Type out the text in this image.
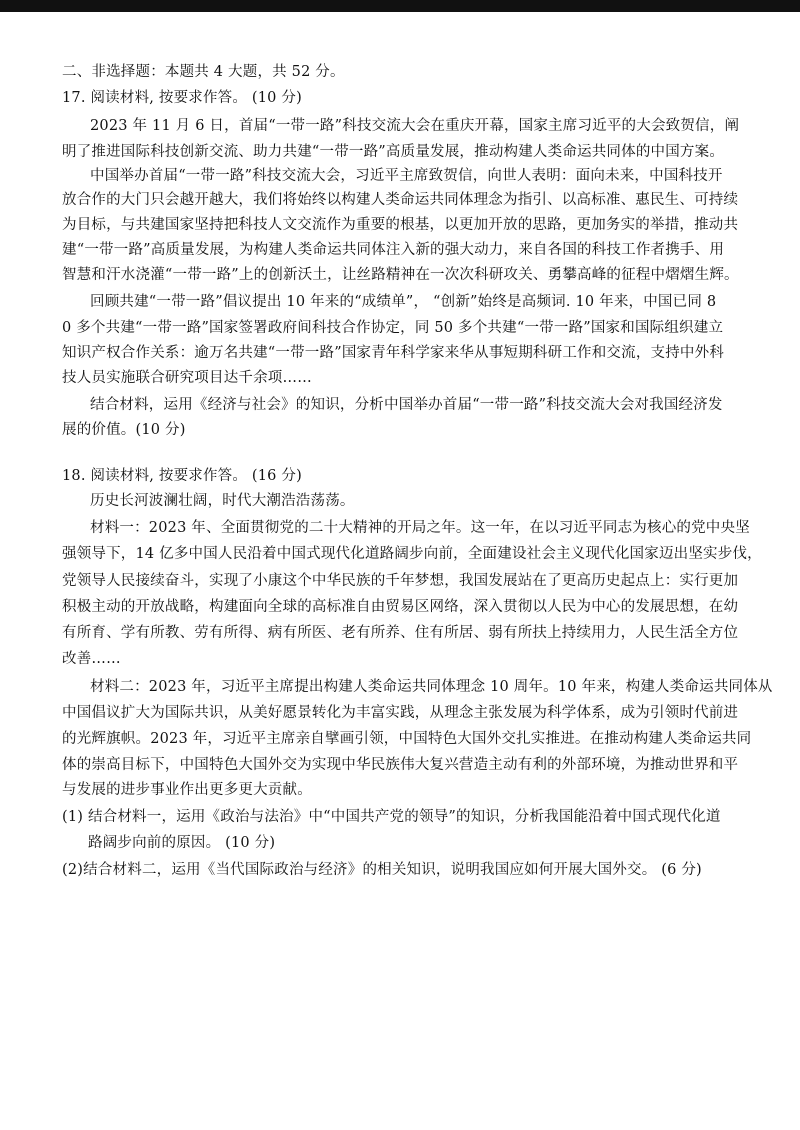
二、非选择题：本题共 4 大题，共 52 分。
17. 阅读材料, 按要求作答。 (10 分)
2023 年 11 月 6 日，首届“一带一路”科技交流大会在重庆开幕，国家主席习近平的大会致贺信，阐
明了推进国际科技创新交流、助力共建“一带一路”高质量发展，推动构建人类命运共同体的中国方案。
中国举办首届“一带一路”科技交流大会，习近平主席致贺信，向世人表明：面向未来，中国科技开
放合作的大门只会越开越大，我们将始终以构建人类命运共同体理念为指引、以高标准、惠民生、可持续
为目标，与共建国家坚持把科技人文交流作为重要的根基，以更加开放的思路，更加务实的举措，推动共
建“一带一路”高质量发展，为构建人类命运共同体注入新的强大动力，来自各国的科技工作者携手、用
智慧和汗水浇灌“一带一路”上的创新沃土，让丝路精神在一次次科研攻关、勇攀高峰的征程中熠熠生辉。
回顾共建“一带一路”倡议提出 10 年来的“成绩单”， “创新”始终是高频词. 10 年来，中国已同 8
0 多个共建“一带一路”国家签署政府间科技合作协定，同 50 多个共建“一带一路”国家和国际组织建立
知识产权合作关系：逾万名共建“一带一路”国家青年科学家来华从事短期科研工作和交流，支持中外科
技人员实施联合研究项目达千余项……
结合材料，运用《经济与社会》的知识，分析中国举办首届“一带一路”科技交流大会对我国经济发
展的价值。(10 分)
18. 阅读材料, 按要求作答。 (16 分)
历史长河波澜壮阔，时代大潮浩浩荡荡。
材料一：2023 年、全面贯彻党的二十大精神的开局之年。这一年，在以习近平同志为核心的党中央坚
强领导下，14 亿多中国人民沿着中国式现代化道路阔步向前，全面建设社会主义现代化国家迈出坚实步伐，
党领导人民接续奋斗，实现了小康这个中华民族的千年梦想，我国发展站在了更高历史起点上：实行更加
积极主动的开放战略，构建面向全球的高标准自由贸易区网络，深入贯彻以人民为中心的发展思想，在幼
有所育、学有所教、劳有所得、病有所医、老有所养、住有所居、弱有所扶上持续用力，人民生活全方位
改善……
材料二：2023 年，习近平主席提出构建人类命运共同体理念 10 周年。10 年来，构建人类命运共同体从
中国倡议扩大为国际共识，从美好愿景转化为丰富实践，从理念主张发展为科学体系，成为引领时代前进
的光辉旗帜。2023 年，习近平主席亲自擘画引领，中国特色大国外交扎实推进。在推动构建人类命运共同
体的崇高目标下，中国特色大国外交为实现中华民族伟大复兴营造主动有利的外部环境，为推动世界和平
与发展的进步事业作出更多更大贡献。
(1) 结合材料一，运用《政治与法治》中“中国共产党的领导”的知识，分析我国能沿着中国式现代化道
路阔步向前的原因。 (10 分)
(2)结合材料二，运用《当代国际政治与经济》的相关知识，说明我国应如何开展大国外交。 (6 分)
